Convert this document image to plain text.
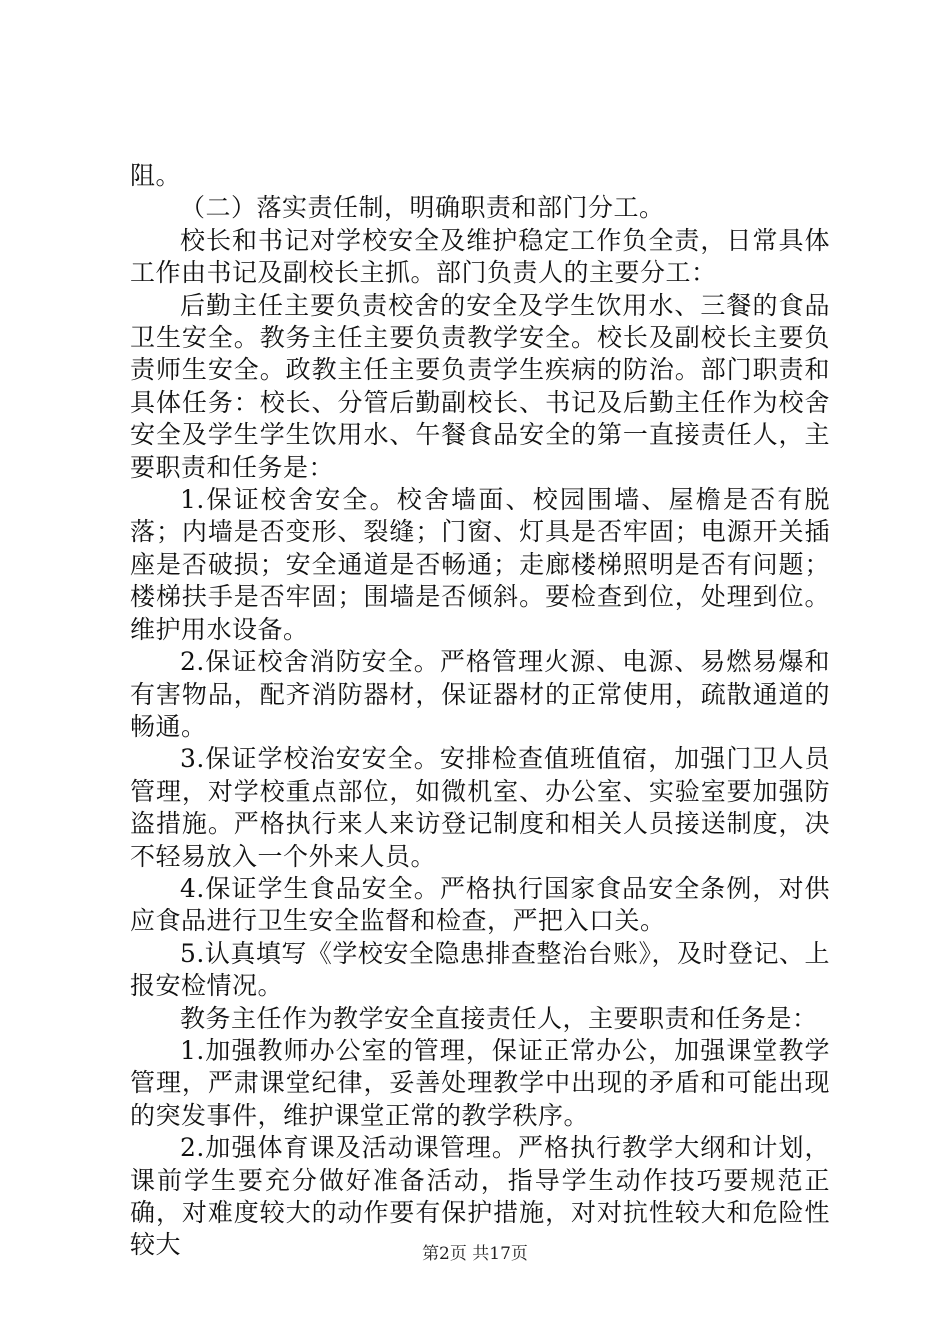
阻。

（二）落实责任制，明确职责和部门分工。

校长和书记对学校安全及维护稳定工作负全责，日常具体工作由书记及副校长主抓。部门负责人的主要分工：

后勤主任主要负责校舍的安全及学生饮用水、三餐的食品卫生安全。教务主任主要负责教学安全。校长及副校长主要负责师生安全。政教主任主要负责学生疾病的防治。部门职责和具体任务：校长、分管后勤副校长、书记及后勤主任作为校舍安全及学生学生饮用水、午餐食品安全的第一直接责任人，主要职责和任务是：

1.保证校舍安全。校舍墙面、校园围墙、屋檐是否有脱落；内墙是否变形、裂缝；门窗、灯具是否牢固；电源开关插座是否破损；安全通道是否畅通；走廊楼梯照明是否有问题；楼梯扶手是否牢固；围墙是否倾斜。要检查到位，处理到位。维护用水设备。

2.保证校舍消防安全。严格管理火源、电源、易燃易爆和有害物品，配齐消防器材，保证器材的正常使用，疏散通道的畅通。

3.保证学校治安安全。安排检查值班值宿，加强门卫人员管理，对学校重点部位，如微机室、办公室、实验室要加强防盗措施。严格执行来人来访登记制度和相关人员接送制度，决不轻易放入一个外来人员。

4.保证学生食品安全。严格执行国家食品安全条例，对供应食品进行卫生安全监督和检查，严把入口关。

5.认真填写《学校安全隐患排查整治台账》，及时登记、上报安检情况。

教务主任作为教学安全直接责任人，主要职责和任务是：

1.加强教师办公室的管理，保证正常办公，加强课堂教学管理，严肃课堂纪律，妥善处理教学中出现的矛盾和可能出现的突发事件，维护课堂正常的教学秩序。

2.加强体育课及活动课管理。严格执行教学大纲和计划，课前学生要充分做好准备活动，指导学生动作技巧要规范正确，对难度较大的动作要有保护措施，对对抗性较大和危险性较大	第2页 共17页
